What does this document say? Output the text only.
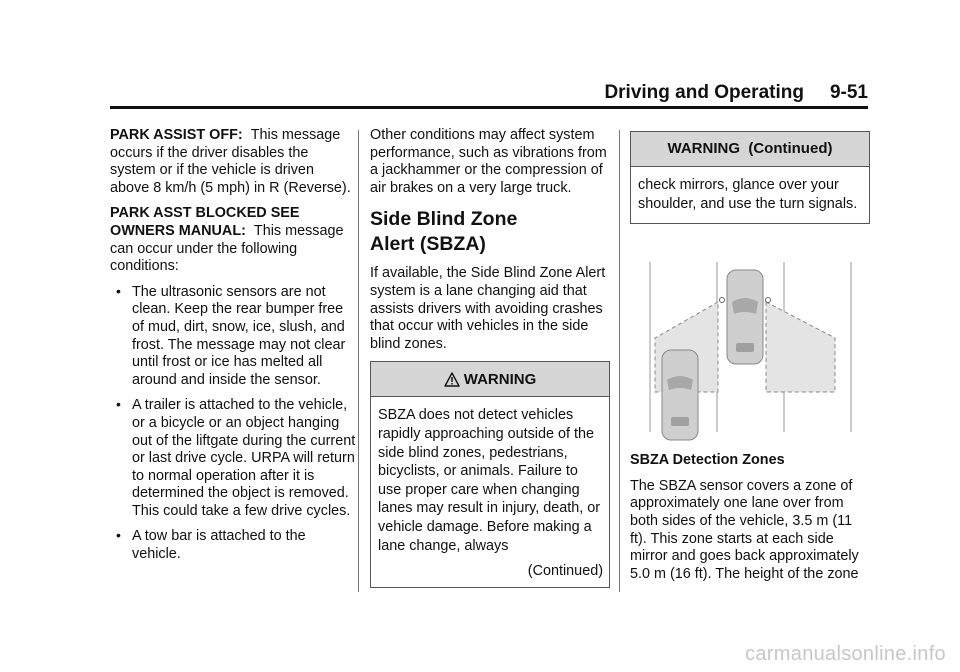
Driving and Operating 9-51

PARK ASSIST OFF: This message occurs if the driver disables the system or if the vehicle is driven above 8 km/h (5 mph) in R (Reverse).

PARK ASST BLOCKED SEE OWNERS MANUAL: This message can occur under the following conditions:

• The ultrasonic sensors are not clean. Keep the rear bumper free of mud, dirt, snow, ice, slush, and frost. The message may not clear until frost or ice has melted all around and inside the sensor.
• A trailer is attached to the vehicle, or a bicycle or an object hanging out of the liftgate during the current or last drive cycle. URPA will return to normal operation after it is determined the object is removed. This could take a few drive cycles.
• A tow bar is attached to the vehicle.

Other conditions may affect system performance, such as vibrations from a jackhammer or the compression of air brakes on a very large truck.

Side Blind Zone
Alert (SBZA)

If available, the Side Blind Zone Alert system is a lane changing aid that assists drivers with avoiding crashes that occur with vehicles in the side blind zones.

WARNING
SBZA does not detect vehicles rapidly approaching outside of the side blind zones, pedestrians, bicyclists, or animals. Failure to use proper care when changing lanes may result in injury, death, or vehicle damage. Before making a lane change, always
(Continued)
WARNING  (Continued)
check mirrors, glance over your shoulder, and use the turn signals.

SBZA Detection Zones

The SBZA sensor covers a zone of approximately one lane over from both sides of the vehicle, 3.5 m (11 ft). This zone starts at each side mirror and goes back approximately 5.0 m (16 ft). The height of the zone

carmanualsonline.info
